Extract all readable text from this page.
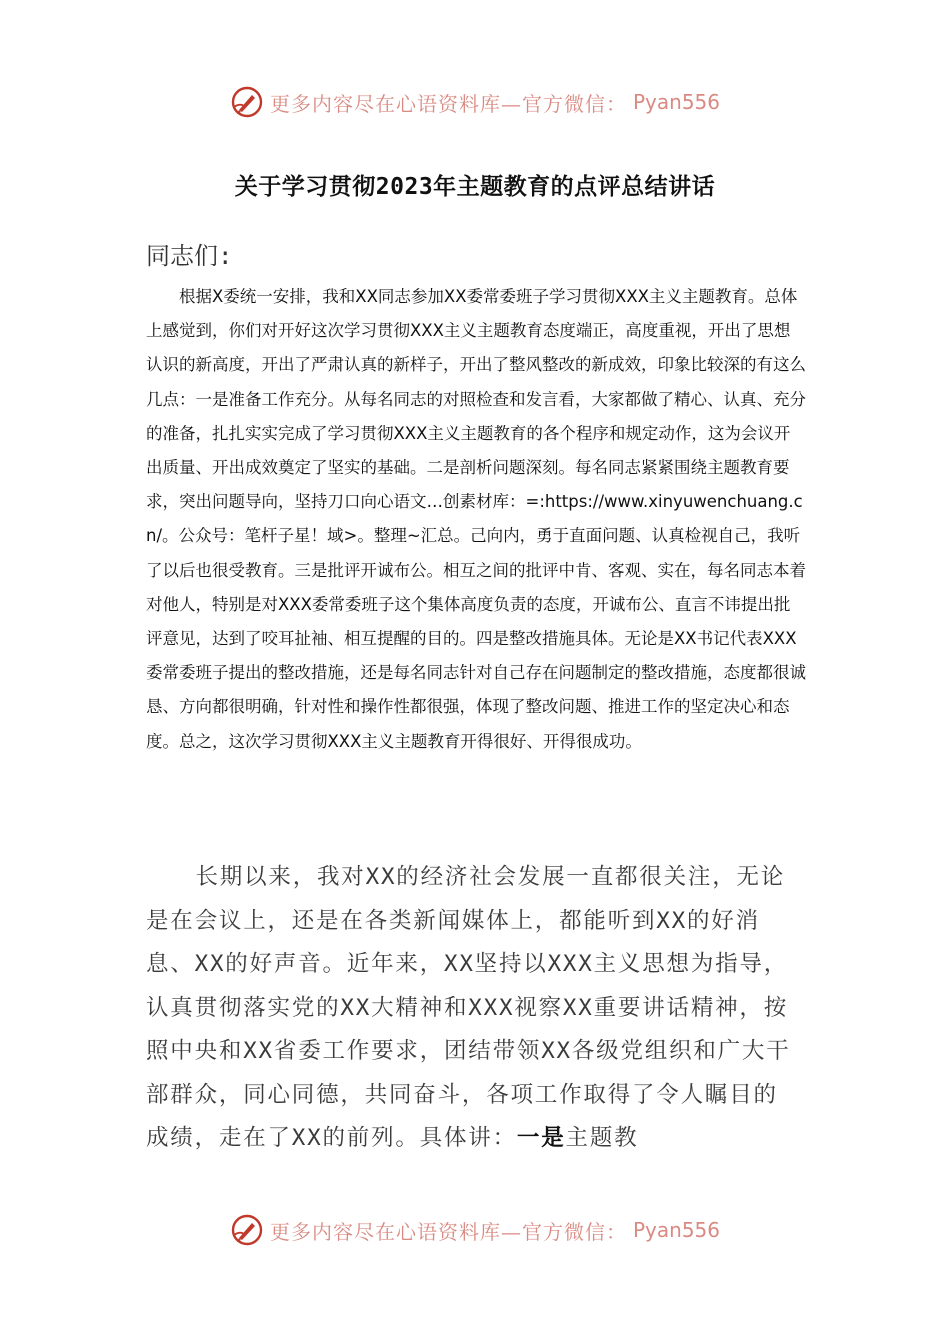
更多内容尽在心语资料库—官方微信： Pyan556
关于学习贯彻2023年主题教育的点评总结讲话
同志们:

根据X委统一安排，我和XX同志参加XX委常委班子学习贯彻XXX主义主题教育。总体上感觉到，你们对开好这次学习贯彻XXX主义主题教育态度端正，高度重视，开出了思想认识的新高度，开出了严肃认真的新样子，开出了整风整改的新成效，印象比较深的有这么几点：一是准备工作充分。从每名同志的对照检查和发言看，大家都做了精心、认真、充分的准备，扎扎实实完成了学习贯彻XXX主义主题教育的各个程序和规定动作，这为会议开出质量、开出成效奠定了坚实的基础。二是剖析问题深刻。每名同志紧紧围绕主题教育要求，突出问题导向，坚持刀口向心语文…创素材库：=:https://www.xinyuwenchuang.cn/。公众号：笔杆子星！域>。整理~汇总。己向内，勇于直面问题、认真检视自己，我听了以后也很受教育。三是批评开诚布公。相互之间的批评中肯、客观、实在，每名同志本着对他人，特别是对XXX委常委班子这个集体高度负责的态度，开诚布公、直言不讳提出批评意见，达到了咬耳扯袖、相互提醒的目的。四是整改措施具体。无论是XX书记代表XXX委常委班子提出的整改措施，还是每名同志针对自己存在问题制定的整改措施，态度都很诚恳、方向都很明确，针对性和操作性都很强，体现了整改问题、推进工作的坚定决心和态度。总之，这次学习贯彻XXX主义主题教育开得很好、开得很成功。

长期以来，我对XX的经济社会发展一直都很关注，无论是在会议上，还是在各类新闻媒体上，都能听到XX的好消息、XX的好声音。近年来，XX坚持以XXX主义思想为指导，认真贯彻落实党的XX大精神和XXX视察XX重要讲话精神，按照中央和XX省委工作要求，团结带领XX各级党组织和广大干部群众，同心同德，共同奋斗，各项工作取得了令人瞩目的成绩，走在了XX的前列。具体讲：一是主题教

更多内容尽在心语资料库—官方微信： Pyan556
